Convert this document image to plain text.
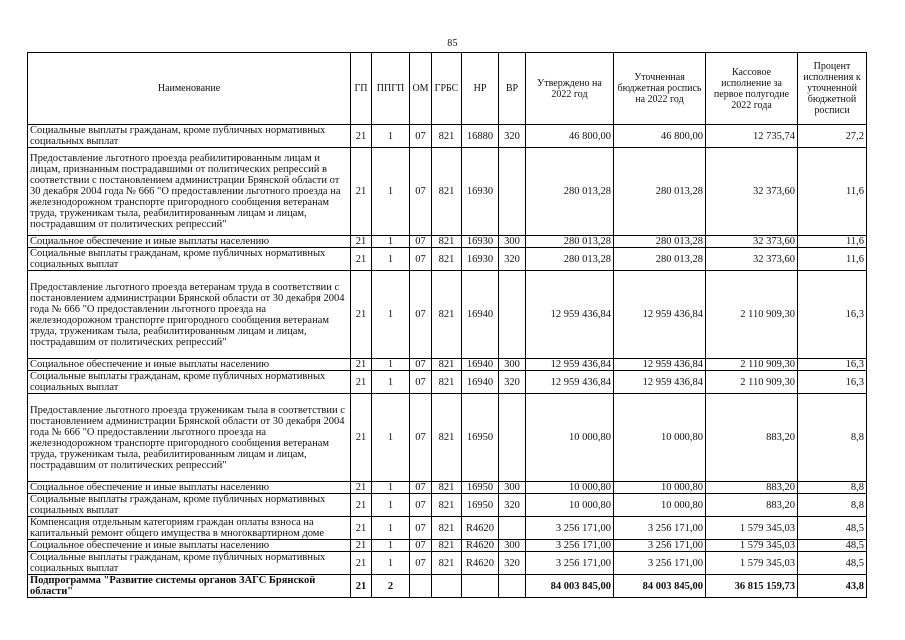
85
Наименование	ГП	ППГП	ОМ	ГРБС	НР	ВР	Утверждено на 2022 год	Уточненная бюджетная роспись на 2022 год	Кассовое исполнение за первое полугодие 2022 года	Процент исполнения к уточненной бюджетной росписи
Социальные выплаты гражданам, кроме публичных нормативных социальных выплат	21	1	07	821	16880	320	46 800,00	46 800,00	12 735,74	27,2
Предоставление льготного проезда реабилитированным лицам и лицам, признанным пострадавшими от политических репрессий в соответствии с постановлением администрации Брянской области от 30 декабря 2004 года № 666 "О предоставлении льготного проезда на железнодорожном транспорте пригородного сообщения ветеранам труда, труженикам тыла, реабилитированным лицам и лицам, пострадавшим от политических репрессий"	21	1	07	821	16930		280 013,28	280 013,28	32 373,60	11,6
Социальное обеспечение и иные выплаты населению	21	1	07	821	16930	300	280 013,28	280 013,28	32 373,60	11,6
Социальные выплаты гражданам, кроме публичных нормативных социальных выплат	21	1	07	821	16930	320	280 013,28	280 013,28	32 373,60	11,6
Предоставление льготного проезда ветеранам труда в соответствии с постановлением администрации Брянской области от 30 декабря 2004 года № 666 "О предоставлении льготного проезда на железнодорожном транспорте пригородного сообщения ветеранам труда, труженикам тыла, реабилитированным лицам и лицам, пострадавшим от политических репрессий"	21	1	07	821	16940		12 959 436,84	12 959 436,84	2 110 909,30	16,3
Социальное обеспечение и иные выплаты населению	21	1	07	821	16940	300	12 959 436,84	12 959 436,84	2 110 909,30	16,3
Социальные выплаты гражданам, кроме публичных нормативных социальных выплат	21	1	07	821	16940	320	12 959 436,84	12 959 436,84	2 110 909,30	16,3
Предоставление льготного проезда труженикам тыла в соответствии с постановлением администрации Брянской области от 30 декабря 2004 года № 666 "О предоставлении льготного проезда на железнодорожном транспорте пригородного сообщения ветеранам труда, труженикам тыла, реабилитированным лицам и лицам, пострадавшим от политических репрессий"	21	1	07	821	16950		10 000,80	10 000,80	883,20	8,8
Социальное обеспечение и иные выплаты населению	21	1	07	821	16950	300	10 000,80	10 000,80	883,20	8,8
Социальные выплаты гражданам, кроме публичных нормативных социальных выплат	21	1	07	821	16950	320	10 000,80	10 000,80	883,20	8,8
Компенсация отдельным категориям граждан оплаты взноса на капитальный ремонт общего имущества в многоквартирном доме	21	1	07	821	R4620		3 256 171,00	3 256 171,00	1 579 345,03	48,5
Социальное обеспечение и иные выплаты населению	21	1	07	821	R4620	300	3 256 171,00	3 256 171,00	1 579 345,03	48,5
Социальные выплаты гражданам, кроме публичных нормативных социальных выплат	21	1	07	821	R4620	320	3 256 171,00	3 256 171,00	1 579 345,03	48,5
Подпрограмма "Развитие системы органов ЗАГС Брянской области"	21	2					84 003 845,00	84 003 845,00	36 815 159,73	43,8
